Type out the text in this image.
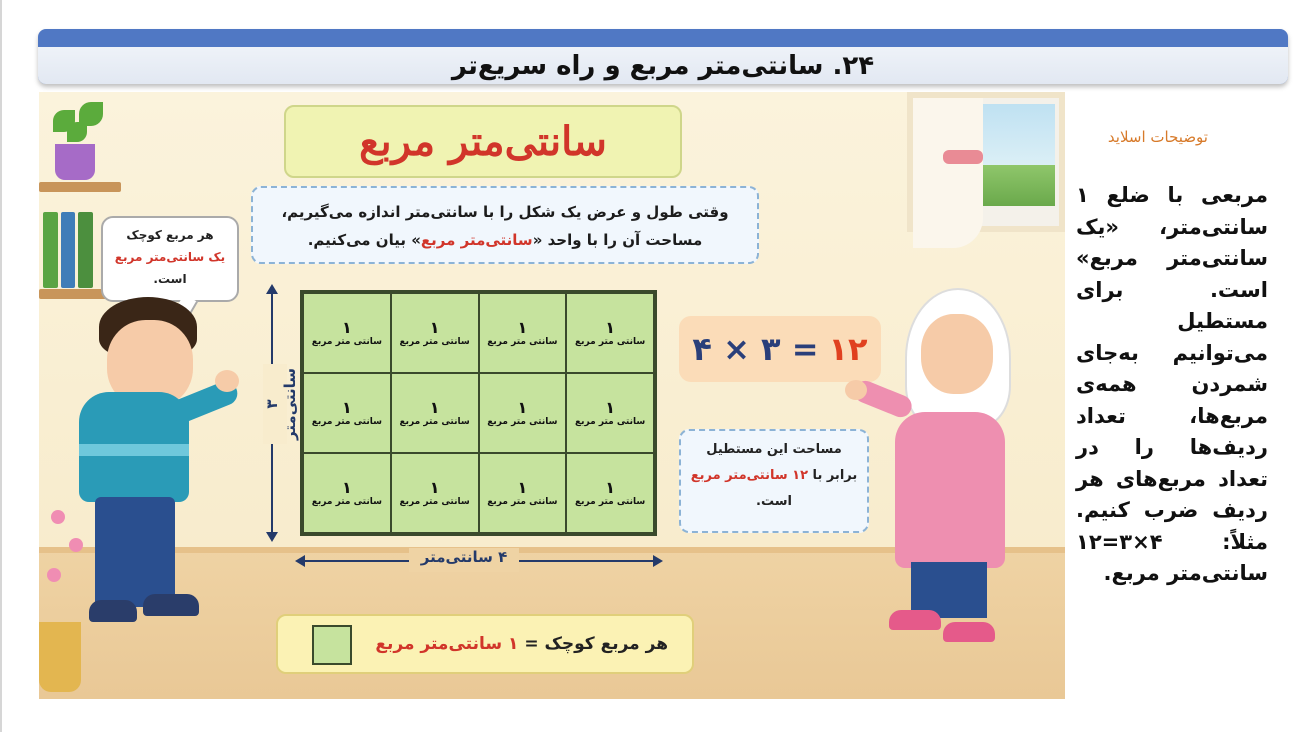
۲۴. سانتی‌متر مربع و راه سریع‌تر
سانتی‌متر مربع
وقتی طول و عرض یک شکل را با سانتی‌متر اندازه می‌گیریم،
مساحت آن را با واحد «سانتی‌متر مربع» بیان می‌کنیم.
هر مربع کوچک
یک سانتی‌متر مربع
است.
۱
سانتی متر مربع
۱
سانتی متر مربع
۱
سانتی متر مربع
۱
سانتی متر مربع
۱
سانتی متر مربع
۱
سانتی متر مربع
۱
سانتی متر مربع
۱
سانتی متر مربع
۱
سانتی متر مربع
۱
سانتی متر مربع
۱
سانتی متر مربع
۱
سانتی متر مربع
۳ سانتی‌متر
۴ سانتی‌متر
۴ × ۳ = ۱۲
مساحت این مستطیل
برابر با ۱۲ سانتی‌متر مربع
است.
هر مربع کوچک = ۱ سانتی‌متر مربع
توضیحات اسلاید
مربعی با ضلع ۱ سانتی‌متر، «یک سانتی‌متر مربع» است. برای مستطیل می‌توانیم به‌جای شمردن همه‌ی مربع‌ها، تعداد ردیف‌ها را در تعداد مربع‌های هر ردیف ضرب کنیم. مثلاً: ۴×۳=۱۲ سانتی‌متر مربع.
